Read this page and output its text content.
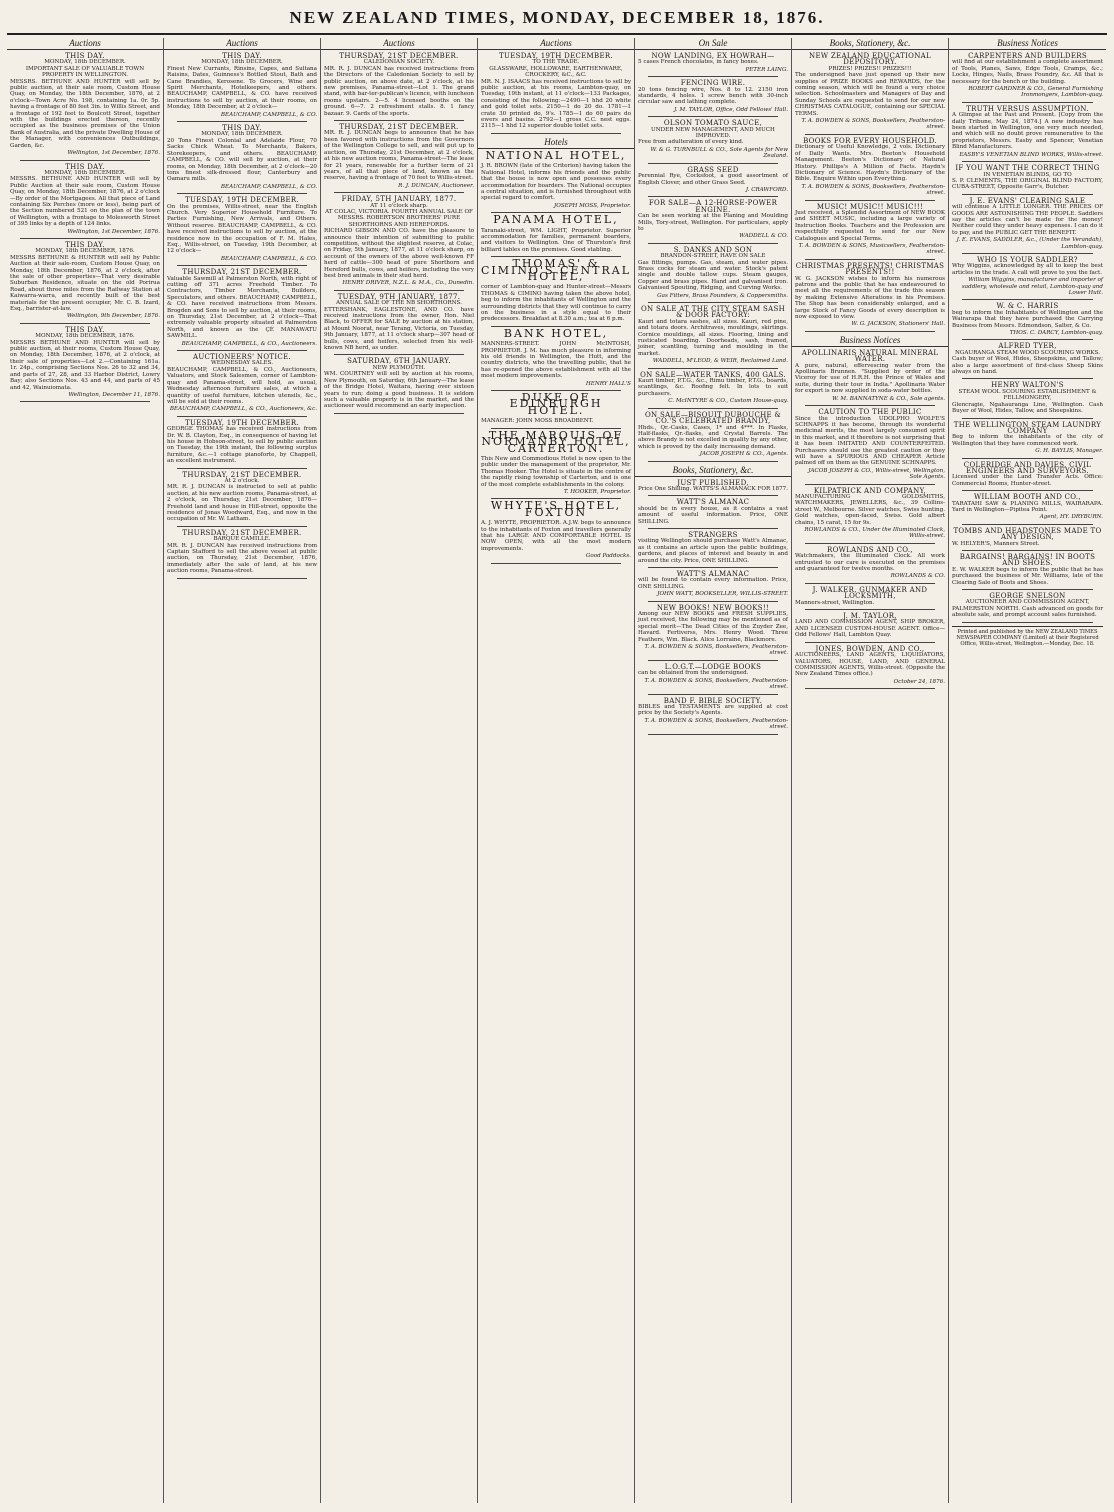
NEW ZEALAND TIMES, MONDAY, DECEMBER 18, 1876.
Auctions
THIS DAY.
MONDAY, 18th DECEMBER.
IMPORTANT SALE OF VALUABLE TOWN PROPERTY IN WELLINGTON.

MESSRS. BETHUNE AND HUNTER will sell by public auction, at their sale room, Custom House Quay, on Monday, the 18th December, 1876, at 2 o'clock—Town Acre No. 198, containing 1a. 0r. 5p. having a frontage of 80 feet 3in. to Willis Street, and a frontage of 192 feet to Boulcott Street, together with the buildings erected thereon, recently occupied as the business premises of the Union Bank of Australia, and the private Dwelling House of the Manager, with conveniences Outbuildings, Garden, &c.

Wellington, 1st December, 1876.
THIS DAY.
MONDAY, 18th DECEMBER.

MESSRS. BETHUNE AND HUNTER will sell by Public Auction at their sale room, Custom House Quay, on Monday, 18th December, 1876, at 2 o'clock—By order of the Mortgagees. All that piece of Land containing Six Perches (more or less), being part of the Section numbered 521 on the plan of the town of Wellington, with a frontage to Molesworth Street of 395 links by a depth of 124 links.

Wellington, 1st December, 1876.
THIS DAY.
MONDAY, 18th DECEMBER, 1876.

MESSRS BETHUNE & HUNTER will sell by Public Auction at their sale-room, Custom House Quay, on Monday, 18th December, 1876, at 2 o'clock, after the sale of other properties—That very desirable Suburban Residence, situate on the old Porirua Road, about three miles from the Railway Station at Kaiwarra-warra, and recently built of the best materials for the present occupier, Mr. C. B. Izard, Esq., barrister-at-law.

Wellington, 9th December, 1876.
THIS DAY.
MONDAY, 18th DECEMBER, 1876.

MESSRS BETHUNE AND HUNTER will sell by public auction, at their rooms, Custom House Quay, on Monday, 18th December, 1876, at 2 o'clock, at their sale of properties—Lot 2.—Containing 161a. 1r. 24p., comprising Sections Nos. 26 to 32 and 34, and parts of 27, 28, and 33 Harbor District, Lowry Bay; also Sections Nos. 43 and 44, and parts of 45 and 42, Wainuiomata.

Wellington, December 11, 1876.
Auctions
THIS DAY.
MONDAY, 18th DECEMBER.

Finest New Currants, Rinsins, Capes, and Sultana Raisins, Dates, Guinness's Bottled Stout, Bath and Cane Brandies, Kerosene. To Grocers, Wine and Spirit Merchants, Hotelkeepers, and others. BEAUCHAMP, CAMPBELL, & CO. have received instructions to sell by auction, at their rooms, on Monday, 18th December, at 2 o'clock—

BEAUCHAMP, CAMPBELL, & CO.
THIS DAY.
MONDAY, 18th DECEMBER.

20 Tons Finest Colonial and Adelaide Flour, 70 Sacks Chick Wheat. To Merchants, Bakers, Storekeepers, and others. BEAUCHAMP, CAMPBELL, & CO. will sell by auction, at their rooms, on Monday, 18th December, at 2 o'clock—20 tons finest silk-dressed flour, Canterbury and Oamaru mills.

BEAUCHAMP, CAMPBELL, & CO.
TUESDAY, 19TH DECEMBER.

On the premises, Willis-street, near the English Church. Very Superior Household Furniture. To Parties Furnishing, New Arrivals, and Others. Without reserve. BEAUCHAMP, CAMPBELL, & CO. have received instructions to sell by auction, at the residence now in the occupation of F. M. Hales, Esq., Willis-street, on Tuesday, 19th December, at 12 o'clock—

BEAUCHAMP, CAMPBELL, & CO.
THURSDAY, 21ST DECEMBER.

Valuable Sawmill at Palmerston North, with right of cutting off 371 acres Freehold Timber. To Contractors, Timber Merchants, Builders, Speculators, and others. BEAUCHAMP, CAMPBELL, & CO. have received instructions from Messrs. Brogden and Sons to sell by auction, at their rooms, on Thursday, 21st December, at 2 o'clock—That extremely valuable property situated at Palmerston North, and known as the ÇÉ MANAWATU SAWMILL.

BEAUCHAMP, CAMPBELL, & CO., Auctioneers.
AUCTIONEERS' NOTICE.
WEDNESDAY SALES.

BEAUCHAMP, CAMPBELL, & CO., Auctioneers, Valuators, and Stock Salesmen, corner of Lambton-quay and Panama-street, will hold, as usual, Wednesday afternoon furniture sales, at which a quantity of useful furniture, kitchen utensils, &c., will be sold at their rooms.

BEAUCHAMP, CAMPBELL, & CO., Auctioneers, &c.
TUESDAY, 19TH DECEMBER.

GEORGE THOMAS has received instructions from Dr. W. B. Clayton, Esq., in consequence of having let his house in Hobson-street, to sell by public auction on Tuesday, the 19th instant, the following surplus furniture, &c.—1 cottage pianoforte, by Chappell, an excellent instrument.

THURSDAY, 21ST DECEMBER.
At 2 o'clock.

MR. R. J. DUNCAN is instructed to sell at public auction, at his new auction rooms, Panama-street, at 2 o'clock, on Thursday, 21st December, 1876—Freehold land and house in Hill-street, opposite the residence of Jonas Woodward, Esq., and now in the occupation of Mr. W. Latham.

THURSDAY, 21ST DECEMBER.
BARQUE CAMILLE.

MR. R. J. DUNCAN has received instructions from Captain Stafford to sell the above vessel at public auction, on Thursday, 21st December, 1876, immediately after the sale of land, at his new auction rooms, Panama-street.

Auctions
THURSDAY, 21ST DECEMBER.
CALEDONIAN SOCIETY.

MR. R. J. DUNCAN has received instructions from the Directors of the Caledonian Society to sell by public auction, on above date, at 2 o'clock, at his new premises, Panama-street—Lot 1. The grand stand, with bar-ter-publican's licence, with luncheon rooms upstairs. 2—5. 4 licensed booths on the ground. 6—7. 2 refreshment stalls. 8. 1 fancy bazaar. 9. Cards of the sports.

THURSDAY, 21ST DECEMBER.

MR. R. J. DUNCAN begs to announce that he has been favored with instructions from the Governors of the Wellington College to sell, and will put up to auction, on Thursday, 21st December, at 2 o'clock, at his new auction rooms, Panama-street—The lease for 21 years, renewable for a further term of 21 years, of all that piece of land, known as the reserve, having a frontage of 70 feet to Willis-street.

R. J. DUNCAN, Auctioneer.
FRIDAY, 5TH JANUARY, 1877.
AT 11 o'clock sharp.
AT COLAC, VICTORIA. FOURTH ANNUAL SALE OF MESSRS. ROBERTSON BROTHERS' PURE SHORTHORNS AND HEREFORDS.

RICHARD GIBSON AND CO. have the pleasure to announce their intention of submitting to public competition, without the slightest reserve, at Colac, on Friday, 5th January, 1877, at 11 o'clock sharp, on account of the owners of the above well-known FF herd of cattle—300 head of pure Shorthorn and Hereford bulls, cows, and heifers, including the very best bred animals in their stud herd.

HENRY DRIVER, N.Z.L. & M.A., Co., Dunedin.
TUESDAY, 9TH JANUARY, 1877.
ANNUAL SALE OF THE NB SHORTHORNS.

ETTERSHANK, EAGLESTONE, AND CO. have received instructions from the owner, Hon. Niel Black, to OFFER for SALE by auction at his station, at Mount Noorat, near Terang, Victoria, on Tuesday, 9th January, 1877, at 11 o'clock sharp—307 head of bulls, cows, and heifers, selected from his well-known NB herd, as under.

SATURDAY, 6TH JANUARY.
NEW PLYMOUTH.

WM. COURTNEY will sell by auction at his rooms, New Plymouth, on Saturday, 6th January—The lease of the Bridge Hotel, Waitara, having over sixteen years to run; doing a good business. It is seldom such a valuable property is in the market, and the auctioneer would recommend an early inspection.

Auctions
TUESDAY, 19TH DECEMBER.
TO THE TRADE.
GLASSWARE, HOLLOWARE, EARTHENWARE, CROCKERY, &C., &C.

MR. N. J. ISAACS has received instructions to sell by public auction, at his rooms, Lambton-quay, on Tuesday, 19th instant, at 11 o'clock—133 Packages, consisting of the following:—2490—1 hhd 20 white and gold toilet sets. 2150—1 do 20 do. 1781—1 crate 30 printed do, 9's. 1785—1 do 60 pairs do ewers and basins. 2792—1 gross C.C. nest eggs. 2115—1 hhd 12 superior double toilet sets.

Hotels
NATIONAL HOTEL,

J. R. BROWN (late of the Criterion) having taken the National Hotel, informs his friends and the public that the house is now open and possesses every accommodation for boarders. The National occupies a central situation, and is furnished throughout with special regard to comfort.

JOSEPH MOSS, Proprietor.
PANAMA HOTEL,

Taranaki-street, WM. LIGHT, Proprietor. Superior accommodation for families, permanent boarders, and visitors to Wellington. One of Thurston's first billiard tables on the premises. Good stabling.

THOMAS' & CIMINO'S CENTRAL HOTEL,

corner of Lambton-quay and Hunter-street—Messrs THOMAS & CIMINO having taken the above hotel, beg to inform the inhabitants of Wellington and the surrounding districts that they will continue to carry on the business in a style equal to their predecessors. Breakfast at 8.30 a.m.; tea at 6 p.m.

BANK HOTEL,

MANNERS-STREET. JOHN McINTOSH, PROPRIETOR. J. M. has much pleasure in informing his old friends in Wellington, the Hutt, and the country districts, who the travelling public, that he has re-opened the above establishment with all the most modern improvements.

HENRY HALL'S
DUKE OF EDINBURGH HOTEL.

MANAGER: JOHN MOSS BROADBENT.

THE MARQUIS OF NORMANBY HOTEL, CARTERTON.

This New and Commodious Hotel is now open to the public under the management of the proprietor, Mr. Thomas Hooker. The Hotel is situate in the centre of the rapidly rising township of Carterton, and is one of the most complete establishments in the colony.

T. HOOKER, Proprietor.
WHYTE'S HOTEL, FOXTON

A. J. WHYTE, PROPRIETOR. A.J.W. begs to announce to the inhabitants of Foxton and travellers generally that his LARGE AND COMFORTABLE HOTEL IS NOW OPEN, with all the most modern improvements.

Good Paddocks.
On Sale
NOW LANDING, EX HOWRAH—

5 cases French chocolates, in fancy boxes.

PETER LAING.
FENCING WIRE.

20 tons fencing wire, Nos. 8 to 12. 2150 iron standards, 4 holes. 1 screw bench with 30-inch circular saw and lathing complete.

J. M. TAYLOR, Office, Odd Fellows' Hall.
OLSON TOMATO SAUCE,
UNDER NEW MANAGEMENT, AND MUCH IMPROVED.

Free from adulteration of every kind.

W. & G. TURNBULL & CO., Sole Agents for New Zealand.
GRASS SEED

Perennial Rye, Cocksfoot, a good assortment of English Clover, and other Grass Seed.

J. CRAWFORD.
FOR SALE—A 12-HORSE-POWER ENGINE.

Can be seen working at the Planing and Moulding Mills, Tory-street, Wellington. For particulars, apply to

WADDELL & CO.
S. DANKS AND SON
BRANDON-STREET, HAVE ON SALE

Gas fittings, pumps. Gas, steam, and water pipes. Brass cocks for steam and water. Stock's patent single and double tallow cups. Steam gauges, Copper and brass pipes. Hand and galvanised iron. Galvanised Spouting, Ridging, and Curving Works.

Gas Fitters, Brass Founders, & Coppersmiths.
ON SALE AT THE CITY STEAM SASH & DOOR FACTORY:

Kauri and totara sashes, all sizes. Kauri, red pine, and totara doors. Architraves, mouldings, skirtings. Cornice mouldings, all sizes. Flooring, lining and rusticated boarding. Doorheads, sash, framed, joiner, scantling, turning and moulding in the market.

WADDELL, M'LEOD, & WEIR, Reclaimed Land.
ON SALE—WATER TANKS, 400 GALS.

Kauri timber, P.T.G., &c., Rimu timber, P.T.G., boards, scantlings, &c. Roofing felt. In lots to suit purchasers.

C. McINTYRE & CO., Custom House-quay.
ON SALE—BISQUIT DUBOUCHE & CO.'S CELEBRATED BRANDY,

Hhds., Qr.-Casks, Cases, 1* and 4***. In Flasks, Half-flasks, Qr.-flasks, and Crystal Barrels. The above Brandy is not excelled in quality by any other, which is proved by the daily increasing demand.

JACOB JOSEPH & CO., Agents.
Books, Stationery, &c.
JUST PUBLISHED,

Price One Shilling. WATTS'S ALMANACK FOR 1877.

WATT'S ALMANAC

should be in every house, as it contains a vast amount of useful information. Price, ONE SHILLING.

STRANGERS

visiting Wellington should purchase Watt's Almanac, as it contains an article upon the public buildings, gardens, and places of interest and beauty in and around the city. Price, ONE SHILLING.

WATT'S ALMANAC

will be found to contain every information. Price, ONE SHILLING.

JOHN WATT, BOOKSELLER, WILLIS-STREET.
NEW BOOKS! NEW BOOKS!!

Among our NEW BOOKS and FRESH SUPPLIES, just received, the following may be mentioned as of special merit—The Dead Cities of the Zuyder Zee, Havard. Fertiverss, Mrs. Henry Wood. Three Feathers, Wm. Black. Alice Lorraine, Blackmore.

T. A. BOWDEN & SONS, Booksellers, Featherston-street.
L.O.G.T.—LODGE BOOKS

can be obtained from the undersigned.

T. A. BOWDEN & SONS, Booksellers, Featherston-street.
BAND F. BIBLE SOCIETY.

BIBLES and TESTAMENTS are supplied at cost price by the Society's Agents.

T. A. BOWDEN & SONS, Booksellers, Featherston-street.
Books, Stationery, &c.
NEW ZEALAND EDUCATIONAL DEPOSITORY.
PRIZES! PRIZES!! PRIZES!!!

The undersigned have just opened up their new supplies of PRIZE BOOKS and REWARDS, for the coming season, which will be found a very choice selection. Schoolmasters and Managers of Day and Sunday Schools are requested to send for our new CHRISTMAS CATALOGUE, containing our SPECIAL TERMS.

T. A. BOWDEN & SONS, Booksellers, Featherston-street.
BOOKS FOR EVERY HOUSEHOLD.

Dictionary of Useful Knowledge, 2 vols. Dictionary of Daily Wants. Mrs. Beeton's Household Management. Beeton's Dictionary of Natural History. Phillips's A Million of Facts. Haydn's Dictionary of Science. Haydn's Dictionary of the Bible. Enquire Within upon Everything.

T. A. BOWDEN & SONS, Booksellers, Featherston-street.
MUSIC! MUSIC!! MUSIC!!!

Just received, a Splendid Assortment of NEW BOOK and SHEET MUSIC, including a large variety of Instruction Books. Teachers and the Profession are respectfully requested to send for our New Catalogues and Special Terms.

T. A. BOWDEN & SONS, Musicsellers, Featherston-street.
CHRISTMAS PRESENTS! CHRISTMAS PRESENTS!!

W. G. JACKSON wishes to inform his numerous patrons and the public that he has endeavoured to meet all the requirements of the trade this season by making Extensive Alterations in his Premises. The Shop has been considerably enlarged, and a large Stock of Fancy Goods of every description is now exposed to view.

W. G. JACKSON, Stationers' Hall.
Business Notices
APOLLINARIS NATURAL MINERAL WATER.

A pure, natural, effervescing water from the Apollinaris Brunnen. "Supplied by order of the Viceroy for use of H.R.H. the Prince of Wales and suite, during their tour in India." Apollinaris Water for export is now supplied in soda-water bottles.

W. M. BANNATYNE & CO., Sole agents.
CAUTION TO THE PUBLIC

Since the introduction UDOLPHO WOLFE'S SCHNAPPS it has become, through its wonderful medicinal merits, the most largely consumed spirit in this market, and it therefore is not surprising that it has been IMITATED AND COUNTERFEITED. Purchasers should use the greatest caution or they will have a SPURIOUS AND CHEAPER Article palmed off on them as the GENUINE SCHNAPPS.

JACOB JOSEPH & CO., Willis-street, Wellington, Sole Agents.
KILPATRICK AND COMPANY,

MANUFACTURING GOLDSMITHS, WATCHMAKERS, JEWELLERS, &c., 39 Collins-street W., Melbourne. Silver watches, Swiss hunting. Gold watches, open-faced, Swiss. Gold albert chains, 15 carat, 15 for 9s.

ROWLANDS & CO., Under the Illuminated Clock, Willis-street.
ROWLANDS AND CO.,

Watchmakers, the Illuminated Clock. All work entrusted to our care is executed on the premises and guaranteed for twelve months.

ROWLANDS & CO.
J. WALKER, GUNMAKER AND LOCKSMITH,

Manners-street, Wellington.

J. M. TAYLOR,

LAND AND COMMISSION AGENT, SHIP BROKER, AND LICENSED CUSTOM-HOUSE AGENT. Office—Odd Fellows' Hall, Lambton Quay.

JONES, BOWDEN, AND CO.,

AUCTIONEERS, LAND AGENTS, LIQUIDATORS, VALUATORS, HOUSE, LAND, AND GENERAL COMMISSION AGENTS, Willis-street. (Opposite the New Zealand Times office.)

October 24, 1876.
Business Notices
CARPENTERS AND BUILDERS

will find at our establishment a complete assortment of Tools, Planes, Saws, Edge Tools, Cramps, &c.; Locks, Hinges, Nails, Brass Foundry, &c. All that is necessary for the bench or the building.

ROBERT GARDNER & CO., General Furnishing Ironmongers, Lambton-quay.
TRUTH VERSUS ASSUMPTION.

A Glimpse at the Past and Present. [Copy from the daily Tribune, May 24, 1874.] A new industry has been started in Wellington, one very much needed, and which will no doubt prove remunerative to the proprietors, Messrs. Easby and Spencer, Venetian Blind Manufacturers.

EASBY'S VENETIAN BLIND WORKS, Willis-street.
IF YOU WANT THE CORRECT THING
IN VENETIAN BLINDS, GO TO

S. P. CLEMENTS, THE ORIGINAL BLIND FACTORY, CUBA-STREET, Opposite Garr's, Butcher.

J. E. EVANS' CLEARING SALE

will continue A LITTLE LONGER. THE PRICES OF GOODS ARE ASTONISHING THE PEOPLE. Saddlers say the articles can't be made for the money! Neither could they under heavy expenses. I can do it to pay, and the PUBLIC GET THE BENEFIT.

J. E. EVANS, SADDLER, &c., (Under the Verandah), Lambton-quay.
WHO IS YOUR SADDLER?

Why Wiggins, acknowledged by all to keep the best articles in the trade. A call will prove to you the fact.

William Wiggins, manufacturer and importer of saddlery, wholesale and retail, Lambton-quay and Lower Hutt.
W. & C. HARRIS

beg to inform the Inhabitants of Wellington and the Wairarapa that they have purchased the Carrying Business from Messrs. Edmondson, Salter, & Co.

THOS. C. DARCY, Lambton-quay.
ALFRED TYER,
NGAURANGA STEAM WOOD SCOURING WORKS.

Cash buyer of Wool, Hides, Sheepskins, and Tallow; also a large assortment of first-class Sheep Skins always on hand.

HENRY WALTON'S
STEAM WOOL SCOURING ESTABLISHMENT & FELLMONGERY,

Glencragie, Ngahauranga Line, Wellington. Cash Buyer of Wool, Hides, Tallow, and Sheepskins.

THE WELLINGTON STEAM LAUNDRY COMPANY

Beg to inform the inhabitants of the city of Wellington that they have commenced work.

G. H. BAYLIS, Manager.
COLERIDGE AND DAVIES, CIVIL ENGINEERS AND SURVEYORS.

Licensed under the Land Transfer Acts. Office: Commercial Rooms, Hunter-street.

WILLIAM BOOTH AND CO.,

TARATAHI SAW & PLANING MILLS, WAIRARAPA. Yard in Wellington—Pipitea Point.

Agent, HY. DRYBURN.
TOMBS AND HEADSTONES MADE TO ANY DESIGN,

W. HELYER'S, Manners Street.

BARGAINS! BARGAINS! IN BOOTS AND SHOES.

E. W. WALKER begs to inform the public that he has purchased the business of Mr. Williams, late of the Clearing Sale of Boots and Shoes.

GEORGE SNELSON
AUCTIONEER AND COMMISSION AGENT,

PALMERSTON NORTH. Cash advanced on goods for absolute sale, and prompt account sales furnished.

Printed and published by the NEW ZEALAND TIMES NEWSPAPER COMPANY (Limited) at their Registered Office, Willis-street, Wellington.—Monday, Dec. 18.
